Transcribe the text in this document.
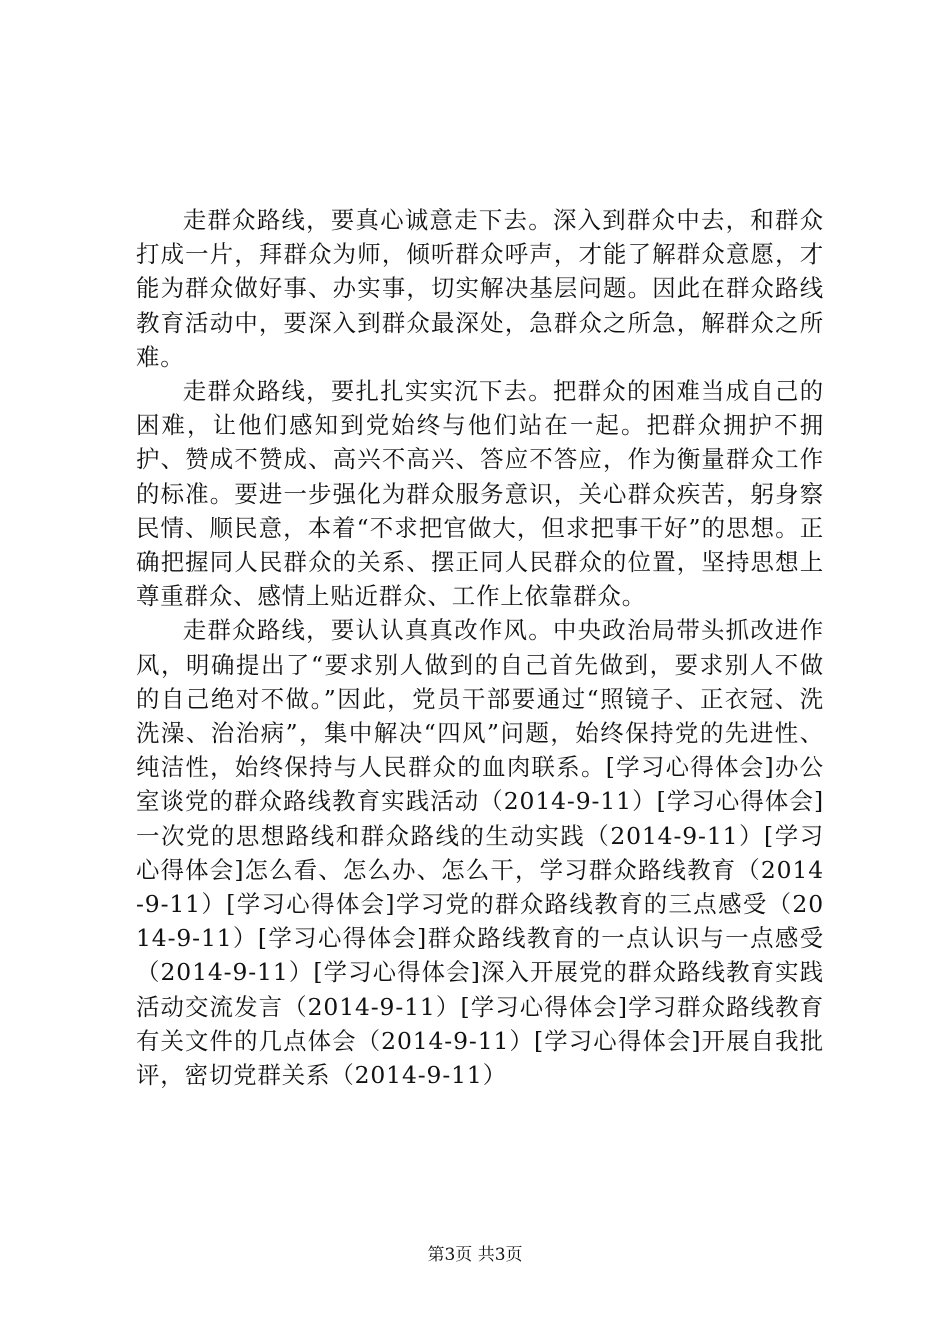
走群众路线，要真心诚意走下去。深入到群众中去，和群众打成一片，拜群众为师，倾听群众呼声，才能了解群众意愿，才能为群众做好事、办实事，切实解决基层问题。因此在群众路线教育活动中，要深入到群众最深处，急群众之所急，解群众之所难。

走群众路线，要扎扎实实沉下去。把群众的困难当成自己的困难，让他们感知到党始终与他们站在一起。把群众拥护不拥护、赞成不赞成、高兴不高兴、答应不答应，作为衡量群众工作的标准。要进一步强化为群众服务意识，关心群众疾苦，躬身察民情、顺民意，本着“不求把官做大，但求把事干好”的思想。正确把握同人民群众的关系、摆正同人民群众的位置，坚持思想上尊重群众、感情上贴近群众、工作上依靠群众。

走群众路线，要认认真真改作风。中央政治局带头抓改进作风，明确提出了“要求别人做到的自己首先做到，要求别人不做的自己绝对不做。”因此，党员干部要通过“照镜子、正衣冠、洗洗澡、治治病”，集中解决“四风”问题，始终保持党的先进性、纯洁性，始终保持与人民群众的血肉联系。[学习心得体会]办公室谈党的群众路线教育实践活动（2014-9-11）[学习心得体会]一次党的思想路线和群众路线的生动实践（2014-9-11）[学习心得体会]怎么看、怎么办、怎么干，学习群众路线教育（2014-9-11）[学习心得体会]学习党的群众路线教育的三点感受（2014-9-11）[学习心得体会]群众路线教育的一点认识与一点感受（2014-9-11）[学习心得体会]深入开展党的群众路线教育实践活动交流发言（2014-9-11）[学习心得体会]学习群众路线教育有关文件的几点体会（2014-9-11）[学习心得体会]开展自我批评，密切党群关系（2014-9-11）

第3页 共3页
